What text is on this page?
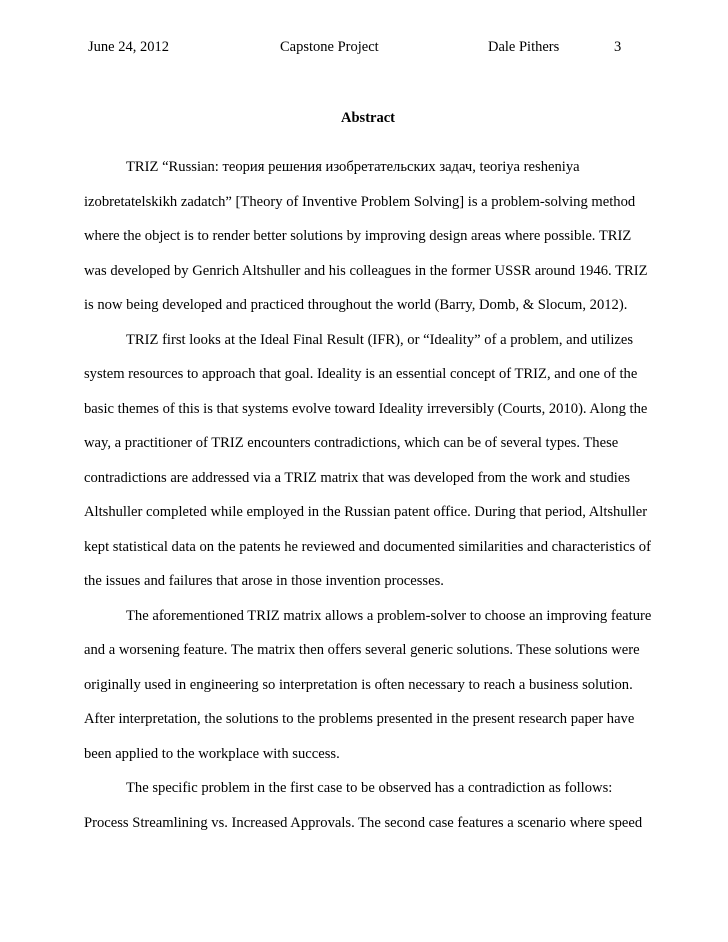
June 24, 2012	Capstone Project	Dale Pithers	3
Abstract

TRIZ “Russian: теория решения изобретательских задач, teoriya resheniya
izobretatelskikh zadatch” [Theory of Inventive Problem Solving] is a problem-solving method
where the object is to render better solutions by improving design areas where possible. TRIZ
was developed by Genrich Altshuller and his colleagues in the former USSR around 1946. TRIZ
is now being developed and practiced throughout the world (Barry, Domb, & Slocum, 2012).

TRIZ first looks at the Ideal Final Result (IFR), or “Ideality” of a problem, and utilizes
system resources to approach that goal. Ideality is an essential concept of TRIZ, and one of the
basic themes of this is that systems evolve toward Ideality irreversibly (Courts, 2010). Along the
way, a practitioner of TRIZ encounters contradictions, which can be of several types. These
contradictions are addressed via a TRIZ matrix that was developed from the work and studies
Altshuller completed while employed in the Russian patent office. During that period, Altshuller
kept statistical data on the patents he reviewed and documented similarities and characteristics of
the issues and failures that arose in those invention processes.

The aforementioned TRIZ matrix allows a problem-solver to choose an improving feature
and a worsening feature. The matrix then offers several generic solutions. These solutions were
originally used in engineering so interpretation is often necessary to reach a business solution.
After interpretation, the solutions to the problems presented in the present research paper have
been applied to the workplace with success.

The specific problem in the first case to be observed has a contradiction as follows:
Process Streamlining vs. Increased Approvals. The second case features a scenario where speed
